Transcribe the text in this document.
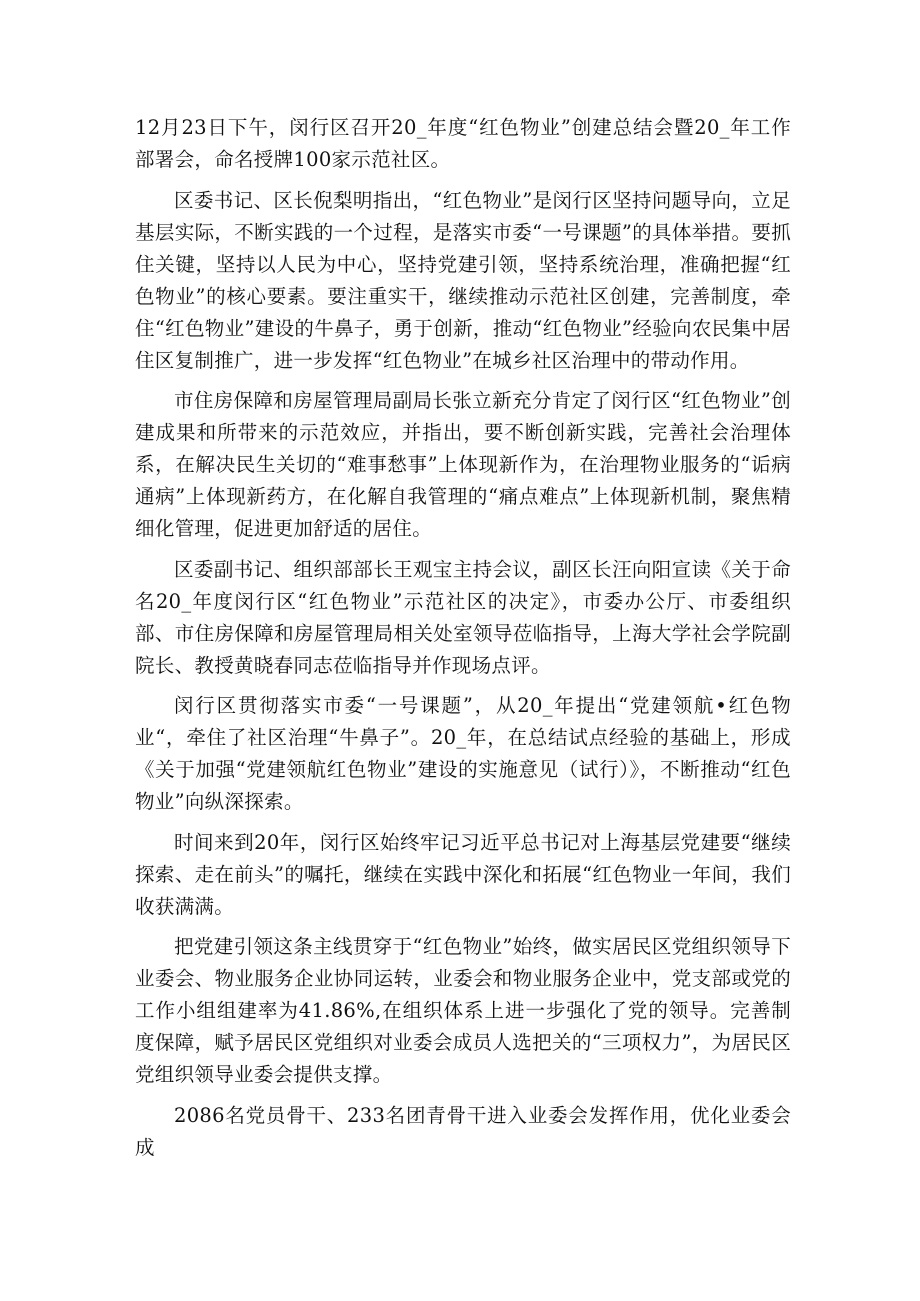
12月23日下午，闵行区召开20_年度“红色物业”创建总结会暨20_年工作部署会，命名授牌100家示范社区。

区委书记、区长倪梨明指出，“红色物业”是闵行区坚持问题导向，立足基层实际，不断实践的一个过程，是落实市委“一号课题”的具体举措。要抓住关键，坚持以人民为中心，坚持党建引领，坚持系统治理，准确把握“红色物业”的核心要素。要注重实干，继续推动示范社区创建，完善制度，牵住“红色物业”建设的牛鼻子，勇于创新，推动“红色物业”经验向农民集中居住区复制推广，进一步发挥“红色物业”在城乡社区治理中的带动作用。

市住房保障和房屋管理局副局长张立新充分肯定了闵行区“红色物业”创建成果和所带来的示范效应，并指出，要不断创新实践，完善社会治理体系，在解决民生关切的“难事愁事”上体现新作为，在治理物业服务的“诟病通病”上体现新药方，在化解自我管理的“痛点难点”上体现新机制，聚焦精细化管理，促进更加舒适的居住。

区委副书记、组织部部长王观宝主持会议，副区长汪向阳宣读《关于命名20_年度闵行区“红色物业”示范社区的决定》，市委办公厅、市委组织部、市住房保障和房屋管理局相关处室领导莅临指导，上海大学社会学院副院长、教授黄晓春同志莅临指导并作现场点评。

闵行区贯彻落实市委“一号课题”，从20_年提出“党建领航•红色物业“，牵住了社区治理“牛鼻子”。20_年，在总结试点经验的基础上，形成《关于加强“党建领航红色物业”建设的实施意见（试行）》，不断推动“红色物业”向纵深探索。

时间来到20年，闵行区始终牢记习近平总书记对上海基层党建要“继续探索、走在前头”的嘱托，继续在实践中深化和拓展“红色物业一年间，我们收获满满。

把党建引领这条主线贯穿于“红色物业”始终，做实居民区党组织领导下业委会、物业服务企业协同运转，业委会和物业服务企业中，党支部或党的工作小组组建率为41.86%,在组织体系上进一步强化了党的领导。完善制度保障，赋予居民区党组织对业委会成员人选把关的“三项权力”，为居民区党组织领导业委会提供支撑。

2086名党员骨干、233名团青骨干进入业委会发挥作用，优化业委会成
